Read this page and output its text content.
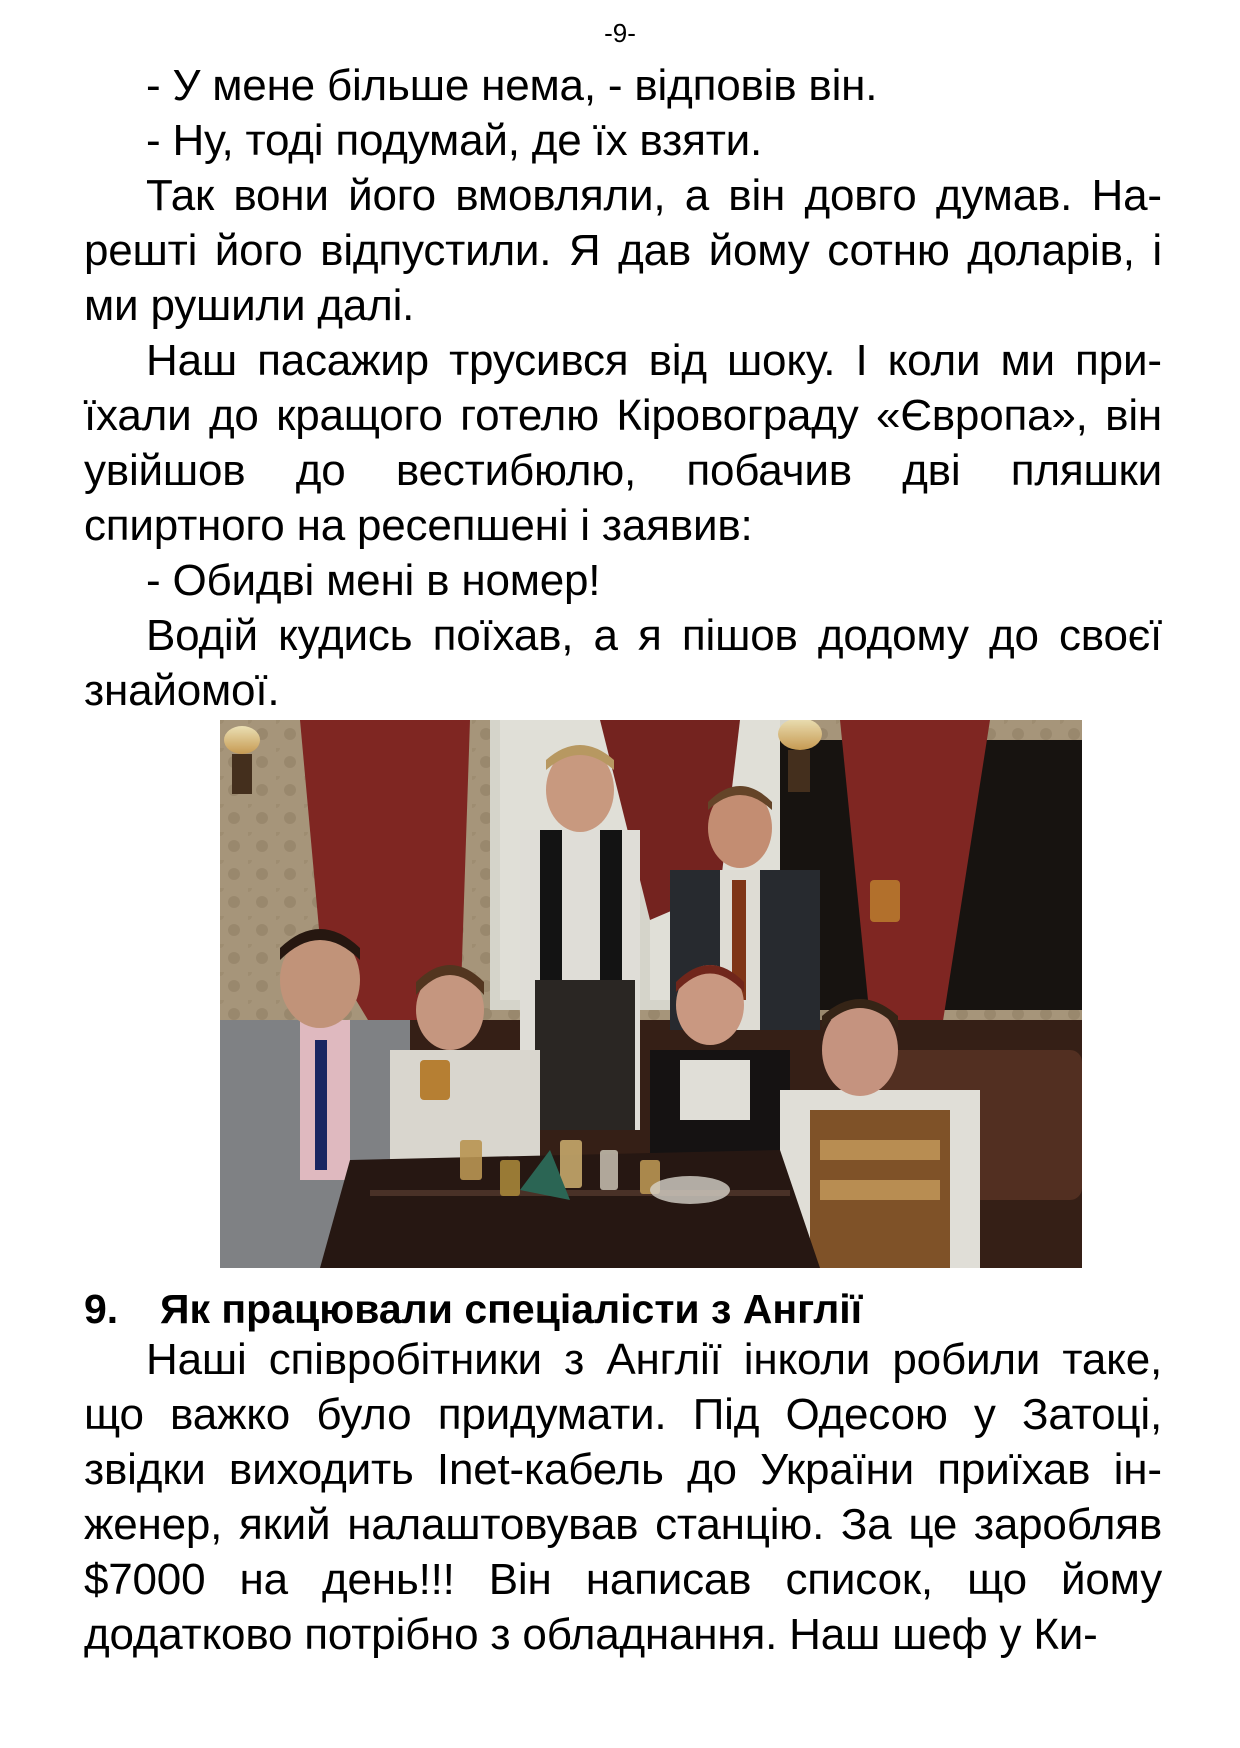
-9-

- У мене більше нема, - відповів він.

- Ну, тоді подумай, де їх взяти.

Так вони його вмовляли, а він довго думав. Нарешті його відпустили. Я дав йому сотню доларів, і ми рушили далі.

Наш пасажир трусився від шоку. І коли ми приїхали до кращого готелю Кіровограду «Європа», він увійшов до вестибюлю, побачив дві пляшки спиртного на ресепшені і заявив:

- Обидві мені в номер!

Водій кудись поїхав, а я пішов додому до своєї знайомої.

9. Як працювали спеціалісти з Англії

Наші співробітники з Англії інколи робили таке, що важко було придумати. Під Одесою у Затоці, звідки виходить Inet-кабель до України приїхав інженер, який налаштовував станцію. За це заробляв $7000 на день!!! Він написав список, що йому додатково потрібно з обладнання. Наш шеф у Ки-
